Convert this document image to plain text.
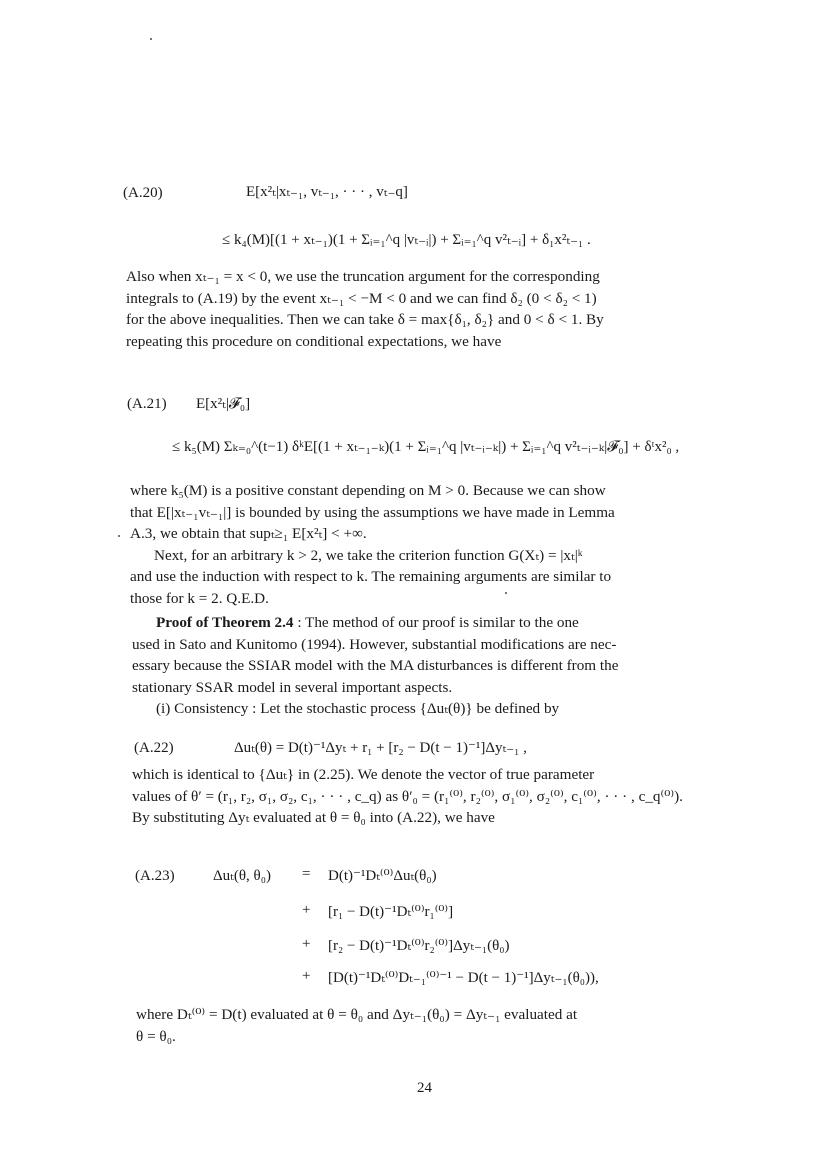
(A.20)	E[x²ₜ|xₜ₋₁, vₜ₋₁, · · · , vₜ₋q]
≤ k₄(M)[(1 + xₜ₋₁)(1 + Σᵢ₌₁^q |vₜ₋ᵢ|) + Σᵢ₌₁^q v²ₜ₋ᵢ] + δ₁x²ₜ₋₁ .
Also when xₜ₋₁ = x < 0, we use the truncation argument for the corresponding
integrals to (A.19) by the event xₜ₋₁ < −M < 0 and we can find δ₂ (0 < δ₂ < 1)
for the above inequalities. Then we can take δ = max{δ₁, δ₂} and 0 < δ < 1. By
repeating this procedure on conditional expectations, we have
(A.21) E[x²ₜ|𝓕₀]
≤ k₅(M) Σₖ₌₀^(t−1) δᵏE[(1 + xₜ₋₁₋ₖ)(1 + Σᵢ₌₁^q |vₜ₋ᵢ₋ₖ|) + Σᵢ₌₁^q v²ₜ₋ᵢ₋ₖ|𝓕₀] + δᵗx²₀ ,
where k₅(M) is a positive constant depending on M > 0. Because we can show
that E[|xₜ₋₁vₜ₋₁|] is bounded by using the assumptions we have made in Lemma
A.3, we obtain that supₜ≥₁ E[x²ₜ] < +∞.
Next, for an arbitrary k > 2, we take the criterion function G(Xₜ) = |xₜ|ᵏ
and use the induction with respect to k. The remaining arguments are similar to
those for k = 2. Q.E.D.
Proof of Theorem 2.4 : The method of our proof is similar to the one
used in Sato and Kunitomo (1994). However, substantial modifications are nec-
essary because the SSIAR model with the MA disturbances is different from the
stationary SSAR model in several important aspects.
(i) Consistency : Let the stochastic process {Δuₜ(θ)} be defined by
(A.22)	Δuₜ(θ) = D(t)⁻¹Δyₜ + r₁ + [r₂ − D(t − 1)⁻¹]Δyₜ₋₁ ,
which is identical to {Δuₜ} in (2.25). We denote the vector of true parameter
values of θ′ = (r₁, r₂, σ₁, σ₂, c₁, · · · , c_q) as θ′₀ = (r₁⁽⁰⁾, r₂⁽⁰⁾, σ₁⁽⁰⁾, σ₂⁽⁰⁾, c₁⁽⁰⁾, · · · , c_q⁽⁰⁾).
By substituting Δyₜ evaluated at θ = θ₀ into (A.22), we have
(A.23)	Δuₜ(θ, θ₀) = D(t)⁻¹Dₜ⁽⁰⁾Δuₜ(θ₀)
+ [r₁ − D(t)⁻¹Dₜ⁽⁰⁾r₁⁽⁰⁾]
+ [r₂ − D(t)⁻¹Dₜ⁽⁰⁾r₂⁽⁰⁾]Δyₜ₋₁(θ₀)
+ [D(t)⁻¹Dₜ⁽⁰⁾Dₜ₋₁⁽⁰⁾⁻¹ − D(t − 1)⁻¹]Δyₜ₋₁(θ₀)),
where Dₜ⁽⁰⁾ = D(t) evaluated at θ = θ₀ and Δyₜ₋₁(θ₀) = Δyₜ₋₁ evaluated at
θ = θ₀.
24
